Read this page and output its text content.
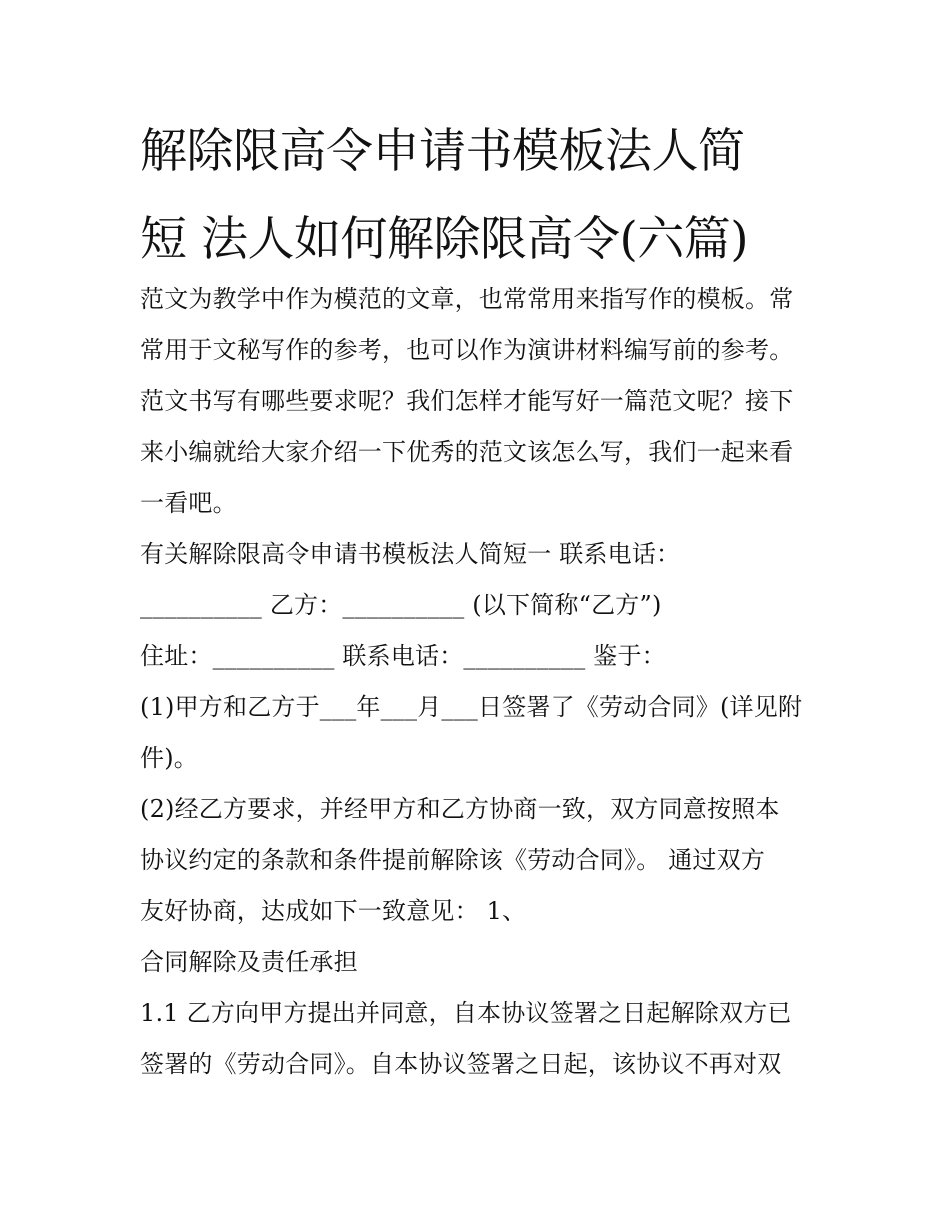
解除限高令申请书模板法人简
短 法人如何解除限高令(六篇)
范文为教学中作为模范的文章，也常常用来指写作的模板。常
常用于文秘写作的参考，也可以作为演讲材料编写前的参考。
范文书写有哪些要求呢？我们怎样才能写好一篇范文呢？接下
来小编就给大家介绍一下优秀的范文该怎么写，我们一起来看
一看吧。
有关解除限高令申请书模板法人简短一 联系电话：
__________ 乙方：__________ (以下简称“乙方”)
住址：__________ 联系电话：__________ 鉴于：
(1)甲方和乙方于___年___月___日签署了《劳动合同》(详见附
件)。
(2)经乙方要求，并经甲方和乙方协商一致，双方同意按照本
协议约定的条款和条件提前解除该《劳动合同》。 通过双方
友好协商，达成如下一致意见： 1、
合同解除及责任承担
1.1 乙方向甲方提出并同意，自本协议签署之日起解除双方已
签署的《劳动合同》。自本协议签署之日起，该协议不再对双
